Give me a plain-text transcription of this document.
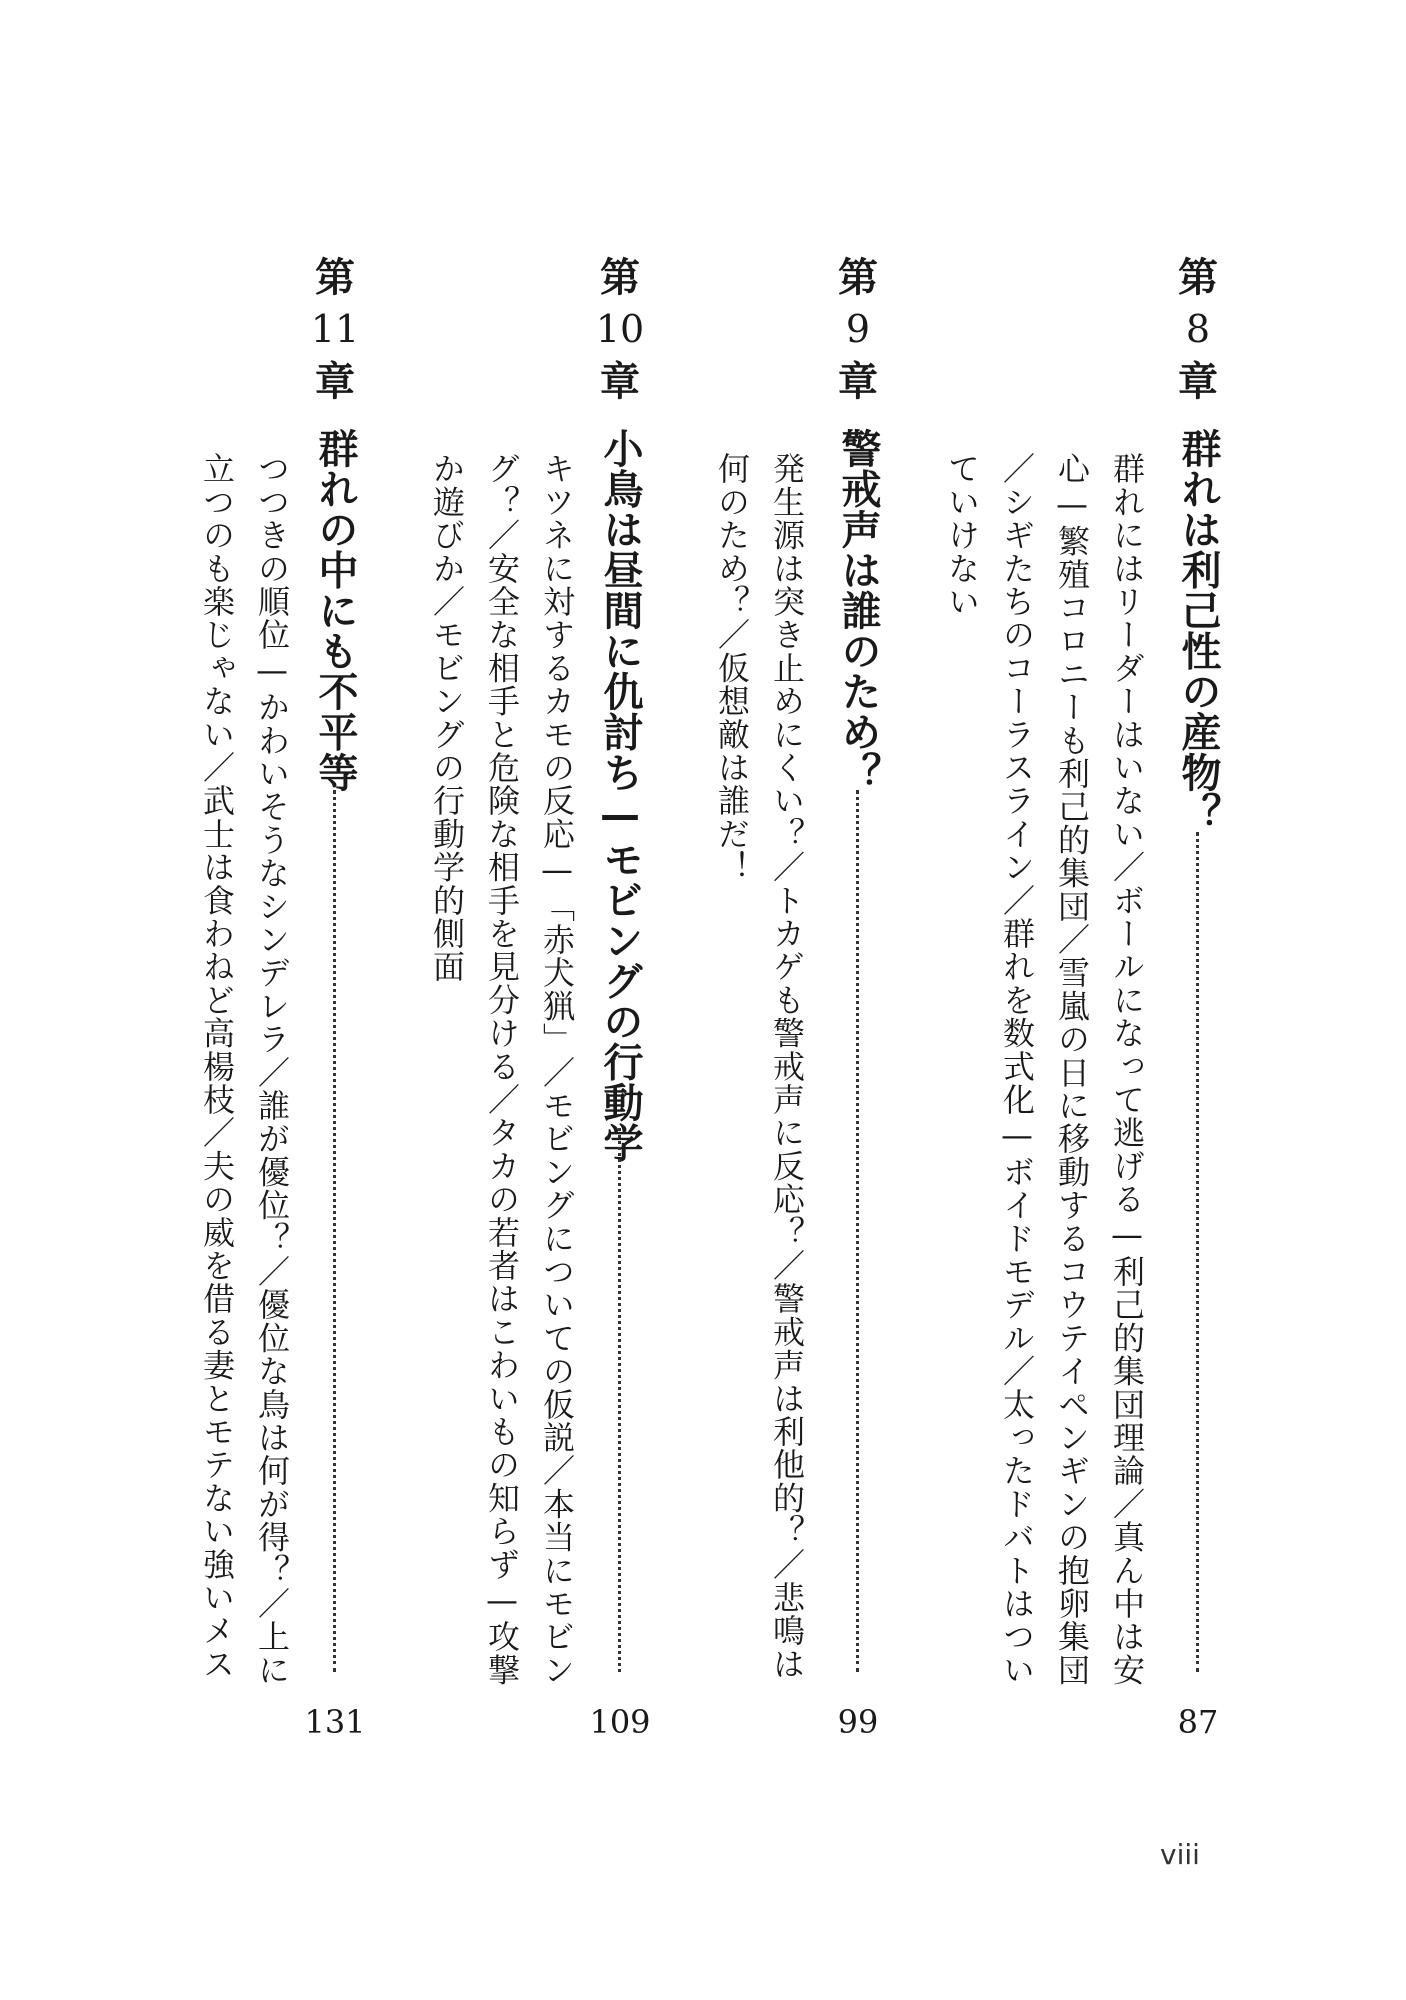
第
8
章
群れは利己性の産物？
87
群れにはリーダーはいない／ボールになって逃げる—利己的集団理論／真ん中は安
心—繁殖コロニーも利己的集団／雪嵐の日に移動するコウテイペンギンの抱卵集団
／シギたちのコーラスライン／群れを数式化—ボイドモデル／太ったドバトはつい
ていけない
第
9
章
警戒声は誰のため？
99
発生源は突き止めにくい？／トカゲも警戒声に反応？／警戒声は利他的？／悲鳴は
何のため？／仮想敵は誰だ！
第
10
章
小鳥は昼間に仇討ち—モビングの行動学
109
キツネに対するカモの反応—「赤犬猟」／モビングについての仮説／本当にモビン
グ？／安全な相手と危険な相手を見分ける／タカの若者はこわいもの知らず—攻撃
か遊びか／モビングの行動学的側面
第
11
章
群れの中にも不平等
131
つつきの順位—かわいそうなシンデレラ／誰が優位？／優位な鳥は何が得？／上に
立つのも楽じゃない／武士は食わねど高楊枝／夫の威を借る妻とモテない強いメス
viii
